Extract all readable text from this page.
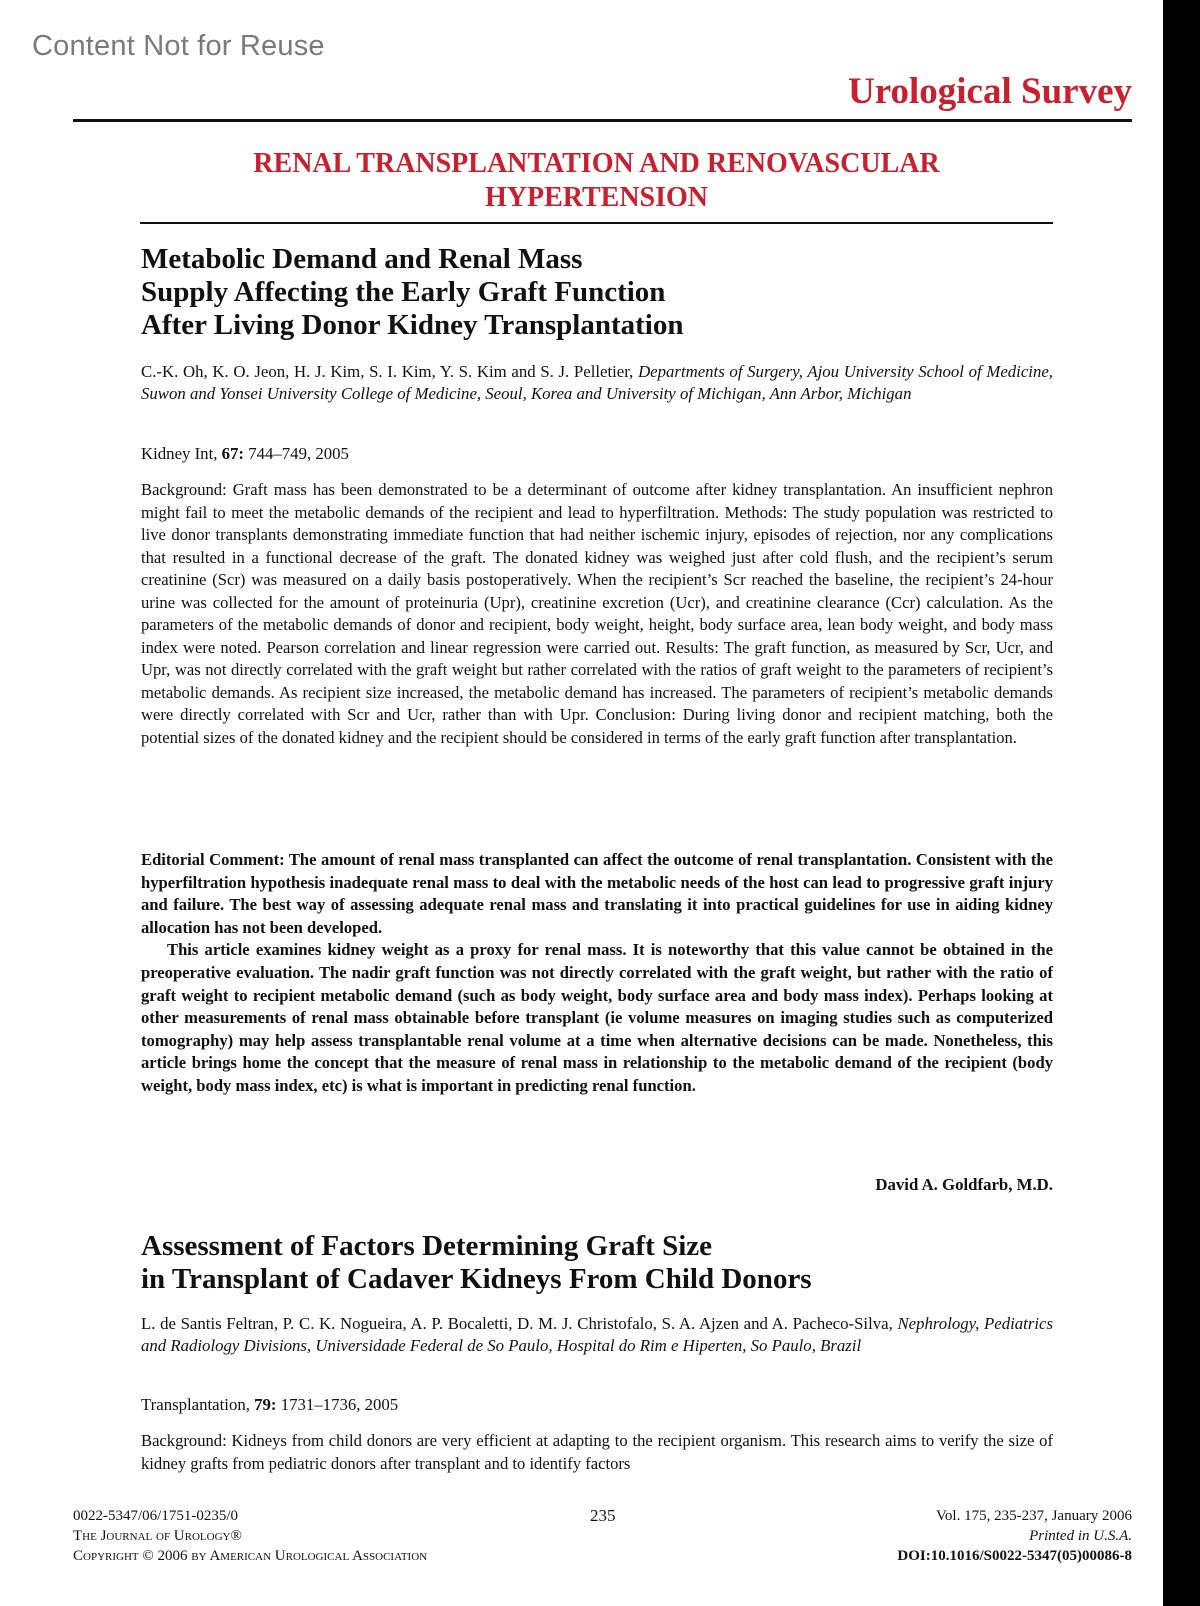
Content Not for Reuse
Urological Survey
RENAL TRANSPLANTATION AND RENOVASCULAR
HYPERTENSION
Metabolic Demand and Renal Mass
Supply Affecting the Early Graft Function
After Living Donor Kidney Transplantation
C.-K. Oh, K. O. Jeon, H. J. Kim, S. I. Kim, Y. S. Kim and S. J. Pelletier, Departments of Surgery, Ajou University School of Medicine, Suwon and Yonsei University College of Medicine, Seoul, Korea and University of Michigan, Ann Arbor, Michigan
Kidney Int, 67: 744–749, 2005
Background: Graft mass has been demonstrated to be a determinant of outcome after kidney transplantation. An insufficient nephron might fail to meet the metabolic demands of the recipient and lead to hyperfiltration. Methods: The study population was restricted to live donor transplants demonstrating immediate function that had neither ischemic injury, episodes of rejection, nor any complications that resulted in a functional decrease of the graft. The donated kidney was weighed just after cold flush, and the recipient’s serum creatinine (Scr) was measured on a daily basis postoperatively. When the recipient’s Scr reached the baseline, the recipient’s 24-hour urine was collected for the amount of proteinuria (Upr), creatinine excretion (Ucr), and creatinine clearance (Ccr) calculation. As the parameters of the metabolic demands of donor and recipient, body weight, height, body surface area, lean body weight, and body mass index were noted. Pearson correlation and linear regression were carried out. Results: The graft function, as measured by Scr, Ucr, and Upr, was not directly correlated with the graft weight but rather correlated with the ratios of graft weight to the parameters of recipient’s metabolic demands. As recipient size increased, the metabolic demand has increased. The parameters of recipient’s metabolic demands were directly correlated with Scr and Ucr, rather than with Upr. Conclusion: During living donor and recipient matching, both the potential sizes of the donated kidney and the recipient should be considered in terms of the early graft function after transplantation.

Editorial Comment: The amount of renal mass transplanted can affect the outcome of renal transplantation. Consistent with the hyperfiltration hypothesis inadequate renal mass to deal with the metabolic needs of the host can lead to progressive graft injury and failure. The best way of assessing adequate renal mass and translating it into practical guidelines for use in aiding kidney allocation has not been developed.

This article examines kidney weight as a proxy for renal mass. It is noteworthy that this value cannot be obtained in the preoperative evaluation. The nadir graft function was not directly correlated with the graft weight, but rather with the ratio of graft weight to recipient metabolic demand (such as body weight, body surface area and body mass index). Perhaps looking at other measurements of renal mass obtainable before transplant (ie volume measures on imaging studies such as computerized tomography) may help assess transplantable renal volume at a time when alternative decisions can be made. Nonetheless, this article brings home the concept that the measure of renal mass in relationship to the metabolic demand of the recipient (body weight, body mass index, etc) is what is important in predicting renal function.

David A. Goldfarb, M.D.
Assessment of Factors Determining Graft Size
in Transplant of Cadaver Kidneys From Child Donors
L. de Santis Feltran, P. C. K. Nogueira, A. P. Bocaletti, D. M. J. Christofalo, S. A. Ajzen and A. Pacheco-Silva, Nephrology, Pediatrics and Radiology Divisions, Universidade Federal de So Paulo, Hospital do Rim e Hiperten, So Paulo, Brazil
Transplantation, 79: 1731–1736, 2005
Background: Kidneys from child donors are very efficient at adapting to the recipient organism. This research aims to verify the size of kidney grafts from pediatric donors after transplant and to identify factors
0022-5347/06/1751-0235/0
The Journal of Urology®
Copyright © 2006 by American Urological Association
235	Vol. 175, 235-237, January 2006
Printed in U.S.A.
DOI:10.1016/S0022-5347(05)00086-8
